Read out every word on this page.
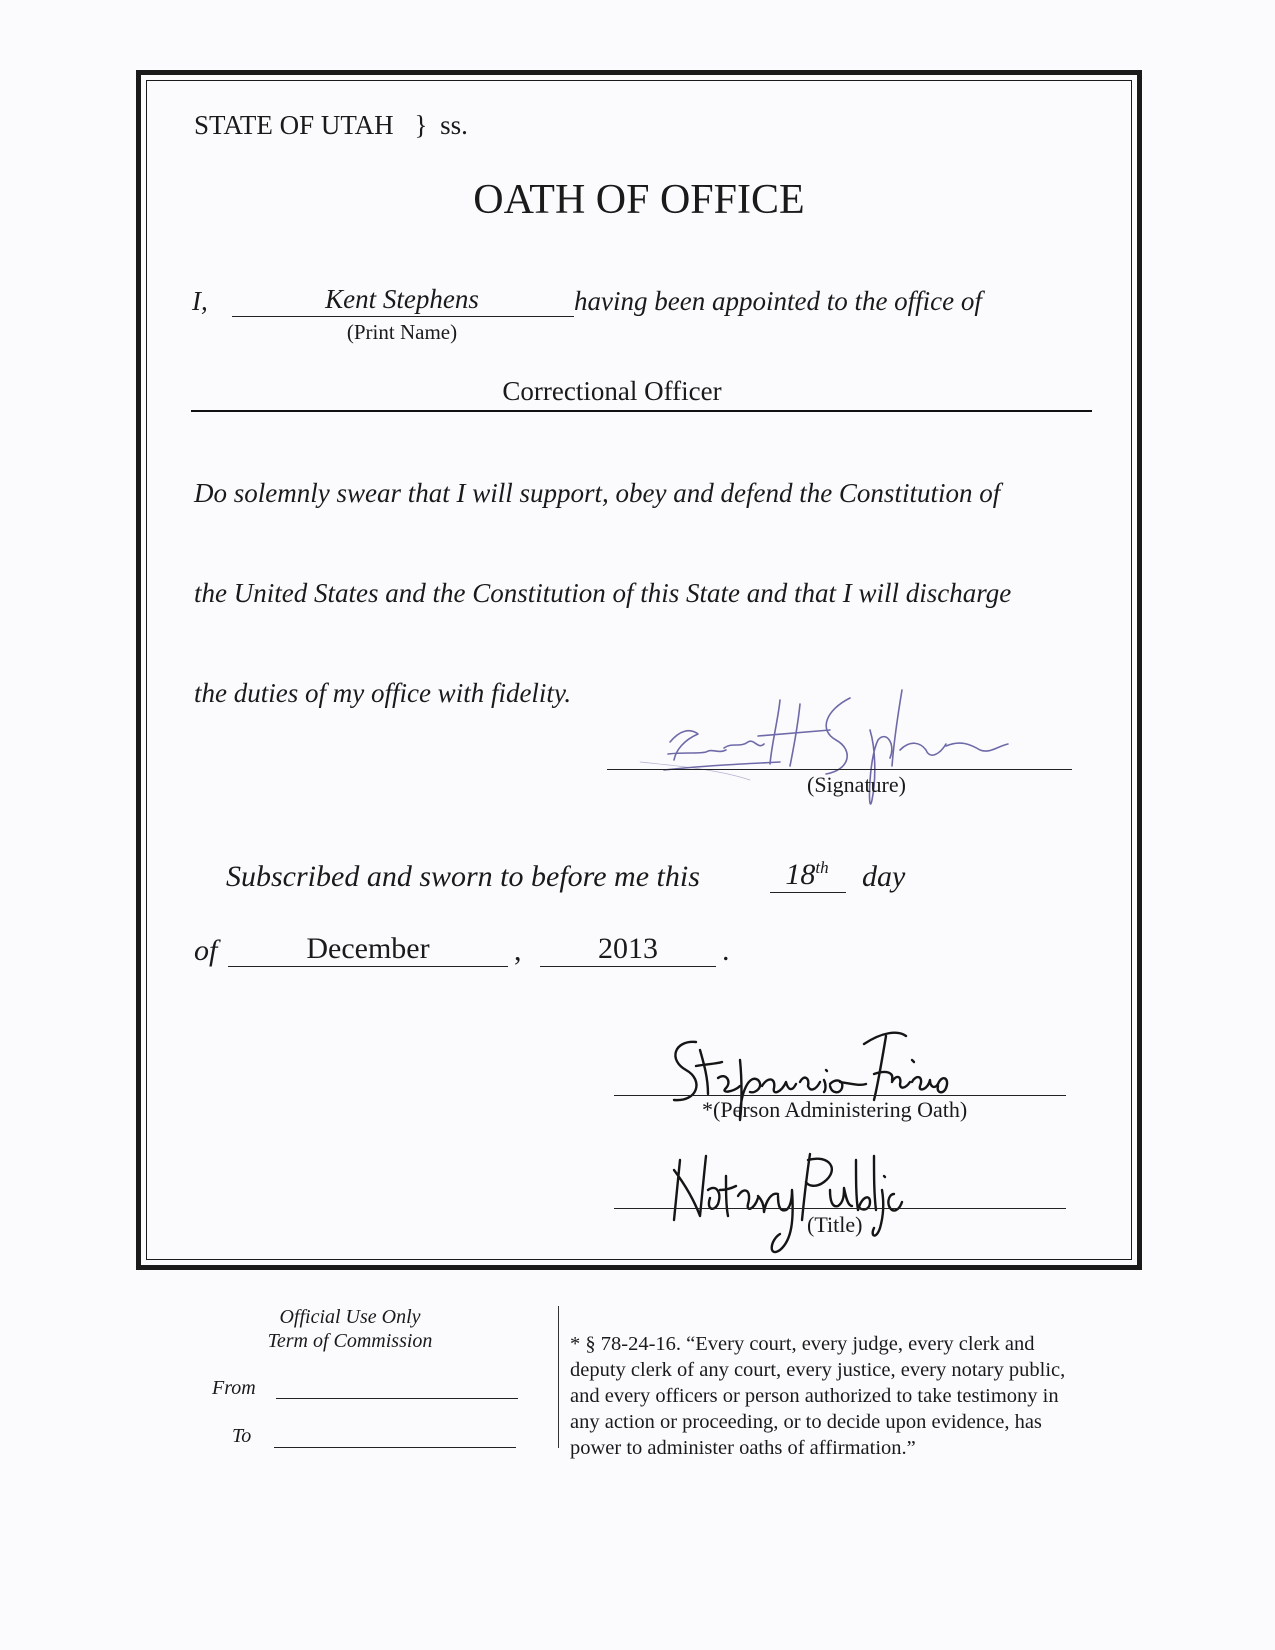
STATE OF UTAH } ss.
OATH OF OFFICE
I,	Kent Stephens	having been appointed to the office of
(Print Name)
Correctional Officer
Do solemnly swear that I will support, obey and defend the Constitution of
the United States and the Constitution of this State and that I will discharge
the duties of my office with fidelity.
(Signature)
Subscribed and sworn to before me this	18th	day
of	December	,	2013	.
*(Person Administering Oath)
(Title)
Official Use Only
Term of Commission
From
To
* § 78-24-16. “Every court, every judge, every clerk and
deputy clerk of any court, every justice, every notary public,
and every officers or person authorized to take testimony in
any action or proceeding, or to decide upon evidence, has
power to administer oaths of affirmation.”
